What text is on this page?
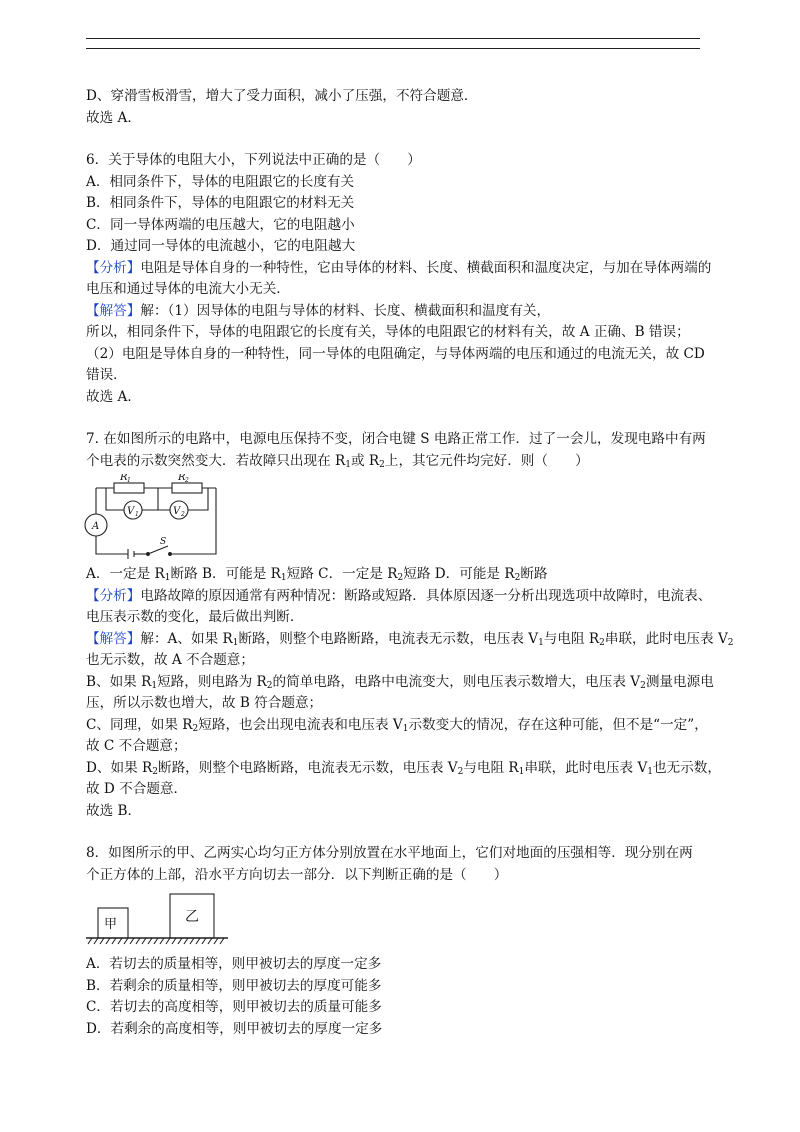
D、穿滑雪板滑雪，增大了受力面积，减小了压强，不符合题意．

故选 A．

6．关于导体的电阻大小，下列说法中正确的是（　　）

A．相同条件下，导体的电阻跟它的长度有关

B．相同条件下，导体的电阻跟它的材料无关

C．同一导体两端的电压越大，它的电阻越小

D．通过同一导体的电流越小，它的电阻越大

【分析】电阻是导体自身的一种特性，它由导体的材料、长度、横截面积和温度决定，与加在导体两端的

电压和通过导体的电流大小无关．

【解答】解：（1）因导体的电阻与导体的材料、长度、横截面积和温度有关，

所以，相同条件下，导体的电阻跟它的长度有关，导体的电阻跟它的材料有关，故 A 正确、B 错误；

（2）电阻是导体自身的一种特性，同一导体的电阻确定，与导体两端的电压和通过的电流无关，故 CD

错误．

故选 A．

7. 在如图所示的电路中，电源电压保持不变，闭合电键 S 电路正常工作．过了一会儿，发现电路中有两

个电表的示数突然变大．若故障只出现在 $R_1$或 $R_2$上，其它元件均完好．则（　　）

R 1	R 2
V 1	V 2
A
S

A．一定是 $R_1$断路 B．可能是 $R_1$短路 C．一定是 $R_2$短路 D．可能是 $R_2$断路

【分析】电路故障的原因通常有两种情况：断路或短路．具体原因逐一分析出现选项中故障时，电流表、

电压表示数的变化，最后做出判断．

【解答】解：A、如果 $R_1$断路，则整个电路断路，电流表无示数，电压表 $V_1$与电阻 $R_2$串联，此时电压表 $V_2$

也无示数，故 A 不合题意；

B、如果 $R_1$短路，则电路为 $R_2$的简单电路，电路中电流变大，则电压表示数增大，电压表 $V_2$测量电源电

压，所以示数也增大，故 B 符合题意；

C、同理，如果 $R_2$短路，也会出现电流表和电压表 $V_1$示数变大的情况，存在这种可能，但不是“一定”，

故 C 不合题意；

D、如果 $R_2$断路，则整个电路断路，电流表无示数，电压表 $V_2$与电阻 $R_1$串联，此时电压表 $V_1$也无示数，

故 D 不合题意．

故选 B．

8．如图所示的甲、乙两实心均匀正方体分别放置在水平地面上，它们对地面的压强相等．现分别在两

个正方体的上部，沿水平方向切去一部分．以下判断正确的是（　　）

甲	乙

A．若切去的质量相等，则甲被切去的厚度一定多

B．若剩余的质量相等，则甲被切去的厚度可能多

C．若切去的高度相等，则甲被切去的质量可能多

D．若剩余的高度相等，则甲被切去的厚度一定多
